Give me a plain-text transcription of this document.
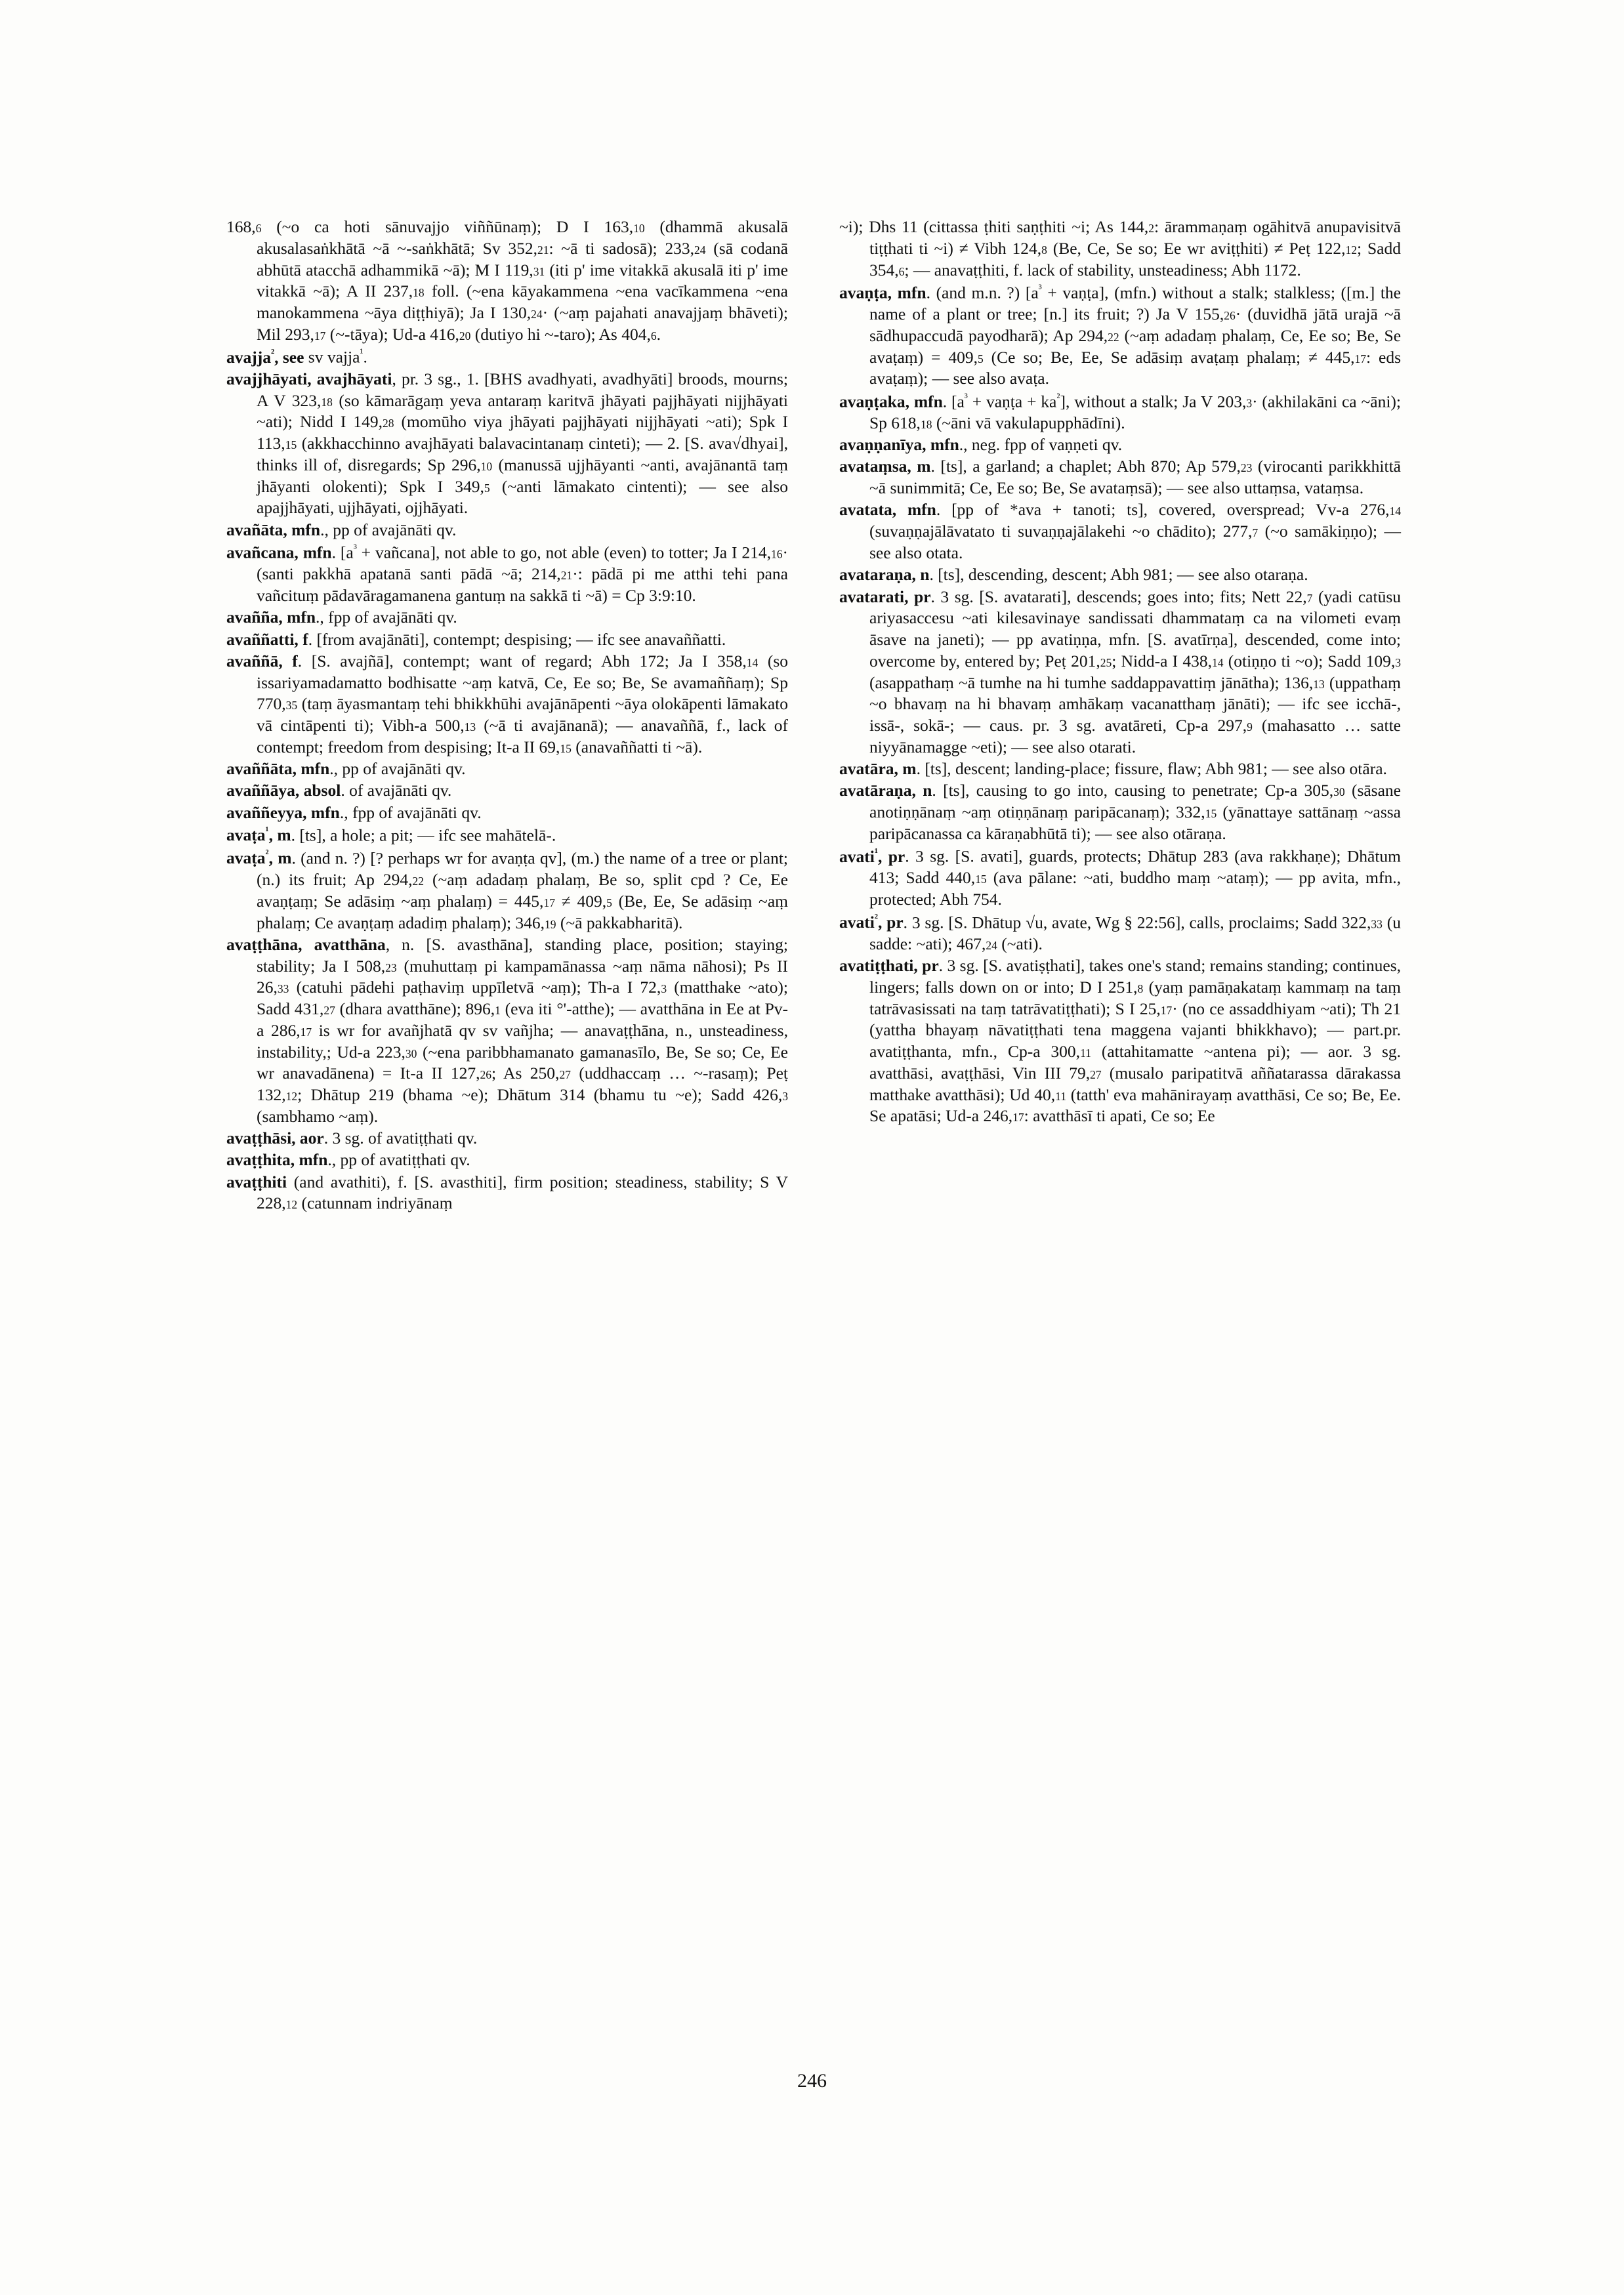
168,6 (~o ca hoti sānuvajjo viññūnaṃ); D I 163,10 (dhammā akusalā akusalasaṅkhātā ~ā ~-saṅkhātā; Sv 352,21: ~ā ti sadosā); 233,24 (sā codanā abhūtā atacchā adhammikā ~ā); M I 119,31 (iti p' ime vitakkā akusalā iti p' ime vitakkā ~ā); A II 237,18 foll. (~ena kāyakammena ~ena vacīkammena ~ena manokammena ~āya diṭṭhiyā); Ja I 130,24· (~aṃ pajahati anavajjaṃ bhāveti); Mil 293,17 (~-tāya); Ud-a 416,20 (dutiyo hi ~-taro); As 404,6.

avajja$^{^2}$, see sv vajja$^{^1}$.

avajjhāyati, avajhāyati, pr. 3 sg., 1. [BHS avadhyati, avadhyāti] broods, mourns; A V 323,18 (so kāmarāgaṃ yeva antaraṃ karitvā jhāyati pajjhāyati nijjhāyati ~ati); Nidd I 149,28 (momūho viya jhāyati pajjhāyati nijjhāyati ~ati); Spk I 113,15 (akkhacchinno avajhāyati balavacintanaṃ cinteti); — 2. [S. ava√dhyai], thinks ill of, disregards; Sp 296,10 (manussā ujjhāyanti ~anti, avajānantā taṃ jhāyanti olokenti); Spk I 349,5 (~anti lāmakato cintenti); — see also apajjhāyati, ujjhāyati, ojjhāyati.

avañāta, mfn., pp of avajānāti qv.

avañcana, mfn. [$a^{^3}$ + vañcana], not able to go, not able (even) to totter; Ja I 214,16· (santi pakkhā apatanā santi pādā ~ā; 214,21·: pādā pi me atthi tehi pana vañcituṃ pādavāragamanena gantuṃ na sakkā ti ~ā) = Cp 3:9:10.

avañña, mfn., fpp of avajānāti qv.

avaññatti, f. [from avajānāti], contempt; despising; — ifc see anavaññatti.

avaññā, f. [S. avajñā], contempt; want of regard; Abh 172; Ja I 358,14 (so issariyamadamatto bodhisatte ~aṃ katvā, Ce, Ee so; Be, Se avamaññaṃ); Sp 770,35 (taṃ āyasmantaṃ tehi bhikkhūhi avajānāpenti ~āya olokāpenti lāmakato vā cintāpenti ti); Vibh-a 500,13 (~ā ti avajānanā); — anavaññā, f., lack of contempt; freedom from despising; It-a II 69,15 (anavaññatti ti ~ā).

avaññāta, mfn., pp of avajānāti qv.

avaññāya, absol. of avajānāti qv.

avaññeyya, mfn., fpp of avajānāti qv.

avaṭa$^{^1}$, m. [ts], a hole; a pit; — ifc see mahātelā-.

avaṭa$^{^2}$, m. (and n. ?) [? perhaps wr for avaṇṭa qv], (m.) the name of a tree or plant; (n.) its fruit; Ap 294,22 (~aṃ adadaṃ phalaṃ, Be so, split cpd ? Ce, Ee avaṇṭaṃ; Se adāsiṃ ~aṃ phalaṃ) = 445,17 ≠ 409,5 (Be, Ee, Se adāsiṃ ~aṃ phalaṃ; Ce avaṇṭaṃ adadiṃ phalaṃ); 346,19 (~ā pakkabharitā).

avaṭṭhāna, avatthāna, n. [S. avasthāna], standing place, position; staying; stability; Ja I 508,23 (muhuttaṃ pi kampamānassa ~aṃ nāma nāhosi); Ps II 26,33 (catuhi pādehi paṭhaviṃ uppīletvā ~aṃ); Th-a I 72,3 (matthake ~ato); Sadd 431,27 (dhara avatthāne); 896,1 (eva iti °'-atthe); — avatthāna in Ee at Pv-a 286,17 is wr for avañjhatā qv sv vañjha; — anavaṭṭhāna, n., unsteadiness, instability,; Ud-a 223,30 (~ena paribbhamanato gamanasīlo, Be, Se so; Ce, Ee wr anavadānena) = It-a II 127,26; As 250,27 (uddhaccaṃ … ~-rasaṃ); Peṭ 132,12; Dhātup 219 (bhama ~e); Dhātum 314 (bhamu tu ~e); Sadd 426,3 (sambhamo ~aṃ).

avaṭṭhāsi, aor. 3 sg. of avatiṭṭhati qv.

avaṭṭhita, mfn., pp of avatiṭṭhati qv.

avaṭṭhiti (and avathiti), f. [S. avasthiti], firm position; steadiness, stability; S V 228,12 (catunnam indriyānaṃ

~i); Dhs 11 (cittassa ṭhiti saṇṭhiti ~i; As 144,2: ārammaṇaṃ ogāhitvā anupavisitvā tiṭṭhati ti ~i) ≠ Vibh 124,8 (Be, Ce, Se so; Ee wr aviṭṭhiti) ≠ Peṭ 122,12; Sadd 354,6; — anavaṭṭhiti, f. lack of stability, unsteadiness; Abh 1172.

avaṇṭa, mfn. (and m.n. ?) [$a^{^3}$ + vaṇṭa], (mfn.) without a stalk; stalkless; ([m.] the name of a plant or tree; [n.] its fruit; ?) Ja V 155,26· (duvidhā jātā urajā ~ā sādhupaccudā payodharā); Ap 294,22 (~aṃ adadaṃ phalaṃ, Ce, Ee so; Be, Se avaṭaṃ) = 409,5 (Ce so; Be, Ee, Se adāsiṃ avaṭaṃ phalaṃ; ≠ 445,17: eds avaṭaṃ); — see also avaṭa.

avaṇṭaka, mfn. [$a^{^3}$ + vaṇṭa + $ka^{^2}$], without a stalk; Ja V 203,3· (akhilakāni ca ~āni); Sp 618,18 (~āni vā vakulapupphādīni).

avaṇṇanīya, mfn., neg. fpp of vaṇṇeti qv.

avataṃsa, m. [ts], a garland; a chaplet; Abh 870; Ap 579,23 (virocanti parikkhittā ~ā sunimmitā; Ce, Ee so; Be, Se avataṃsā); — see also uttaṃsa, vataṃsa.

avatata, mfn. [pp of *ava + tanoti; ts], covered, overspread; Vv-a 276,14 (suvaṇṇajālāvatato ti suvaṇṇajālakehi ~o chādito); 277,7 (~o samākiṇṇo); — see also otata.

avataraṇa, n. [ts], descending, descent; Abh 981; — see also otaraṇa.

avatarati, pr. 3 sg. [S. avatarati], descends; goes into; fits; Nett 22,7 (yadi catūsu ariyasaccesu ~ati kilesavinaye sandissati dhammataṃ ca na vilometi evaṃ āsave na janeti); — pp avatiṇṇa, mfn. [S. avatīrṇa], descended, come into; overcome by, entered by; Peṭ 201,25; Nidd-a I 438,14 (otiṇṇo ti ~o); Sadd 109,3 (asappathaṃ ~ā tumhe na hi tumhe saddappavattiṃ jānātha); 136,13 (uppathaṃ ~o bhavaṃ na hi bhavaṃ amhākaṃ vacanatthaṃ jānāti); — ifc see icchā-, issā-, sokā-; — caus. pr. 3 sg. avatāreti, Cp-a 297,9 (mahasatto … satte niyyānamagge ~eti); — see also otarati.

avatāra, m. [ts], descent; landing-place; fissure, flaw; Abh 981; — see also otāra.

avatāraṇa, n. [ts], causing to go into, causing to penetrate; Cp-a 305,30 (sāsane anotiṇṇānaṃ ~aṃ otiṇṇānaṃ paripācanaṃ); 332,15 (yānattaye sattānaṃ ~assa paripācanassa ca kāraṇabhūtā ti); — see also otāraṇa.

avati$^{^1}$, pr. 3 sg. [S. avati], guards, protects; Dhātup 283 (ava rakkhaṇe); Dhātum 413; Sadd 440,15 (ava pālane: ~ati, buddho maṃ ~ataṃ); — pp avita, mfn., protected; Abh 754.

avati$^{^2}$, pr. 3 sg. [S. Dhātup √u, avate, Wg § 22:56], calls, proclaims; Sadd 322,33 (u sadde: ~ati); 467,24 (~ati).

avatiṭṭhati, pr. 3 sg. [S. avatiṣṭhati], takes one's stand; remains standing; continues, lingers; falls down on or into; D I 251,8 (yaṃ pamāṇakataṃ kammaṃ na taṃ tatrāvasissati na taṃ tatrāvatiṭṭhati); S I 25,17· (no ce assaddhiyam ~ati); Th 21 (yattha bhayaṃ nāvatiṭṭhati tena maggena vajanti bhikkhavo); — part.pr. avatiṭṭhanta, mfn., Cp-a 300,11 (attahitamatte ~antena pi); — aor. 3 sg. avatthāsi, avaṭṭhāsi, Vin III 79,27 (musalo paripatitvā aññatarassa dārakassa matthake avatthāsi); Ud 40,11 (tatth' eva mahānirayaṃ avatthāsi, Ce so; Be, Ee. Se apatāsi; Ud-a 246,17: avatthāsī ti apati, Ce so; Ee

246
